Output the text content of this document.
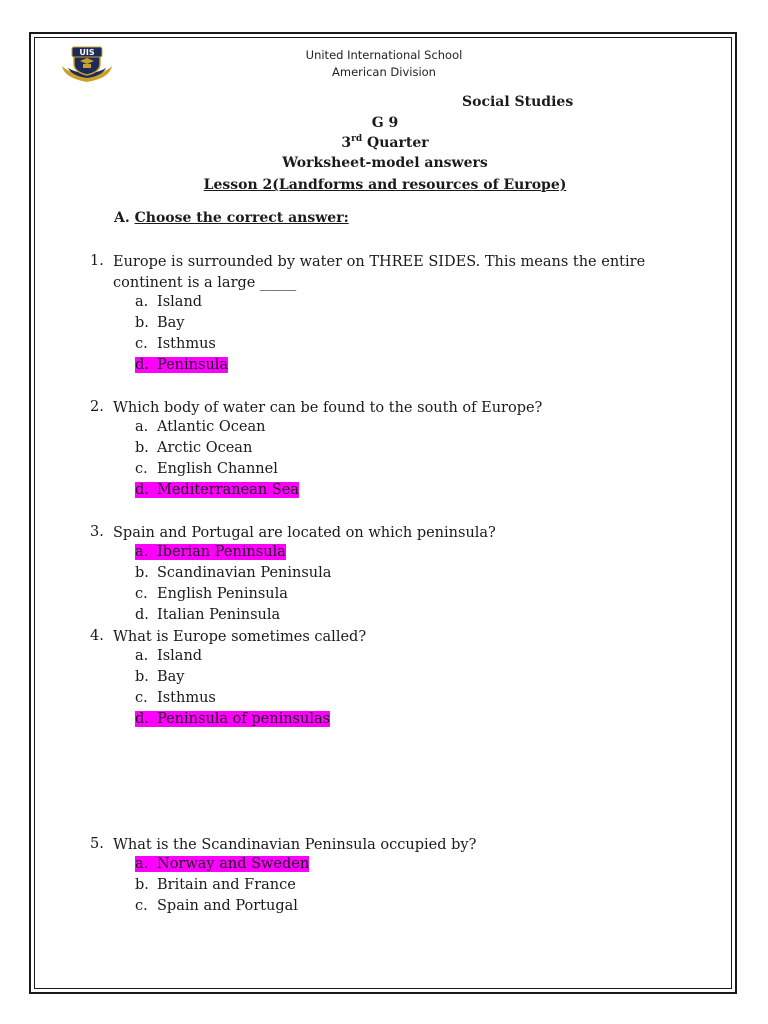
UIS	United International School
American Division
Social Studies
G 9
3rd Quarter
Worksheet-model answers
Lesson 2(Landforms and resources of Europe)
A. Choose the correct answer:
1. Europe is surrounded by water on THREE SIDES. This means the entire continent is a large _____
a. Island
b. Bay
c. Isthmus
d. Peninsula
2. Which body of water can be found to the south of Europe?
a. Atlantic Ocean
b. Arctic Ocean
c. English Channel
d. Mediterranean Sea
3. Spain and Portugal are located on which peninsula?
a. Iberian Peninsula
b. Scandinavian Peninsula
c. English Peninsula
d. Italian Peninsula
4. What is Europe sometimes called?
a. Island
b. Bay
c. Isthmus
d. Peninsula of peninsulas
5. What is the Scandinavian Peninsula occupied by?
a. Norway and Sweden
b. Britain and France
c. Spain and Portugal
